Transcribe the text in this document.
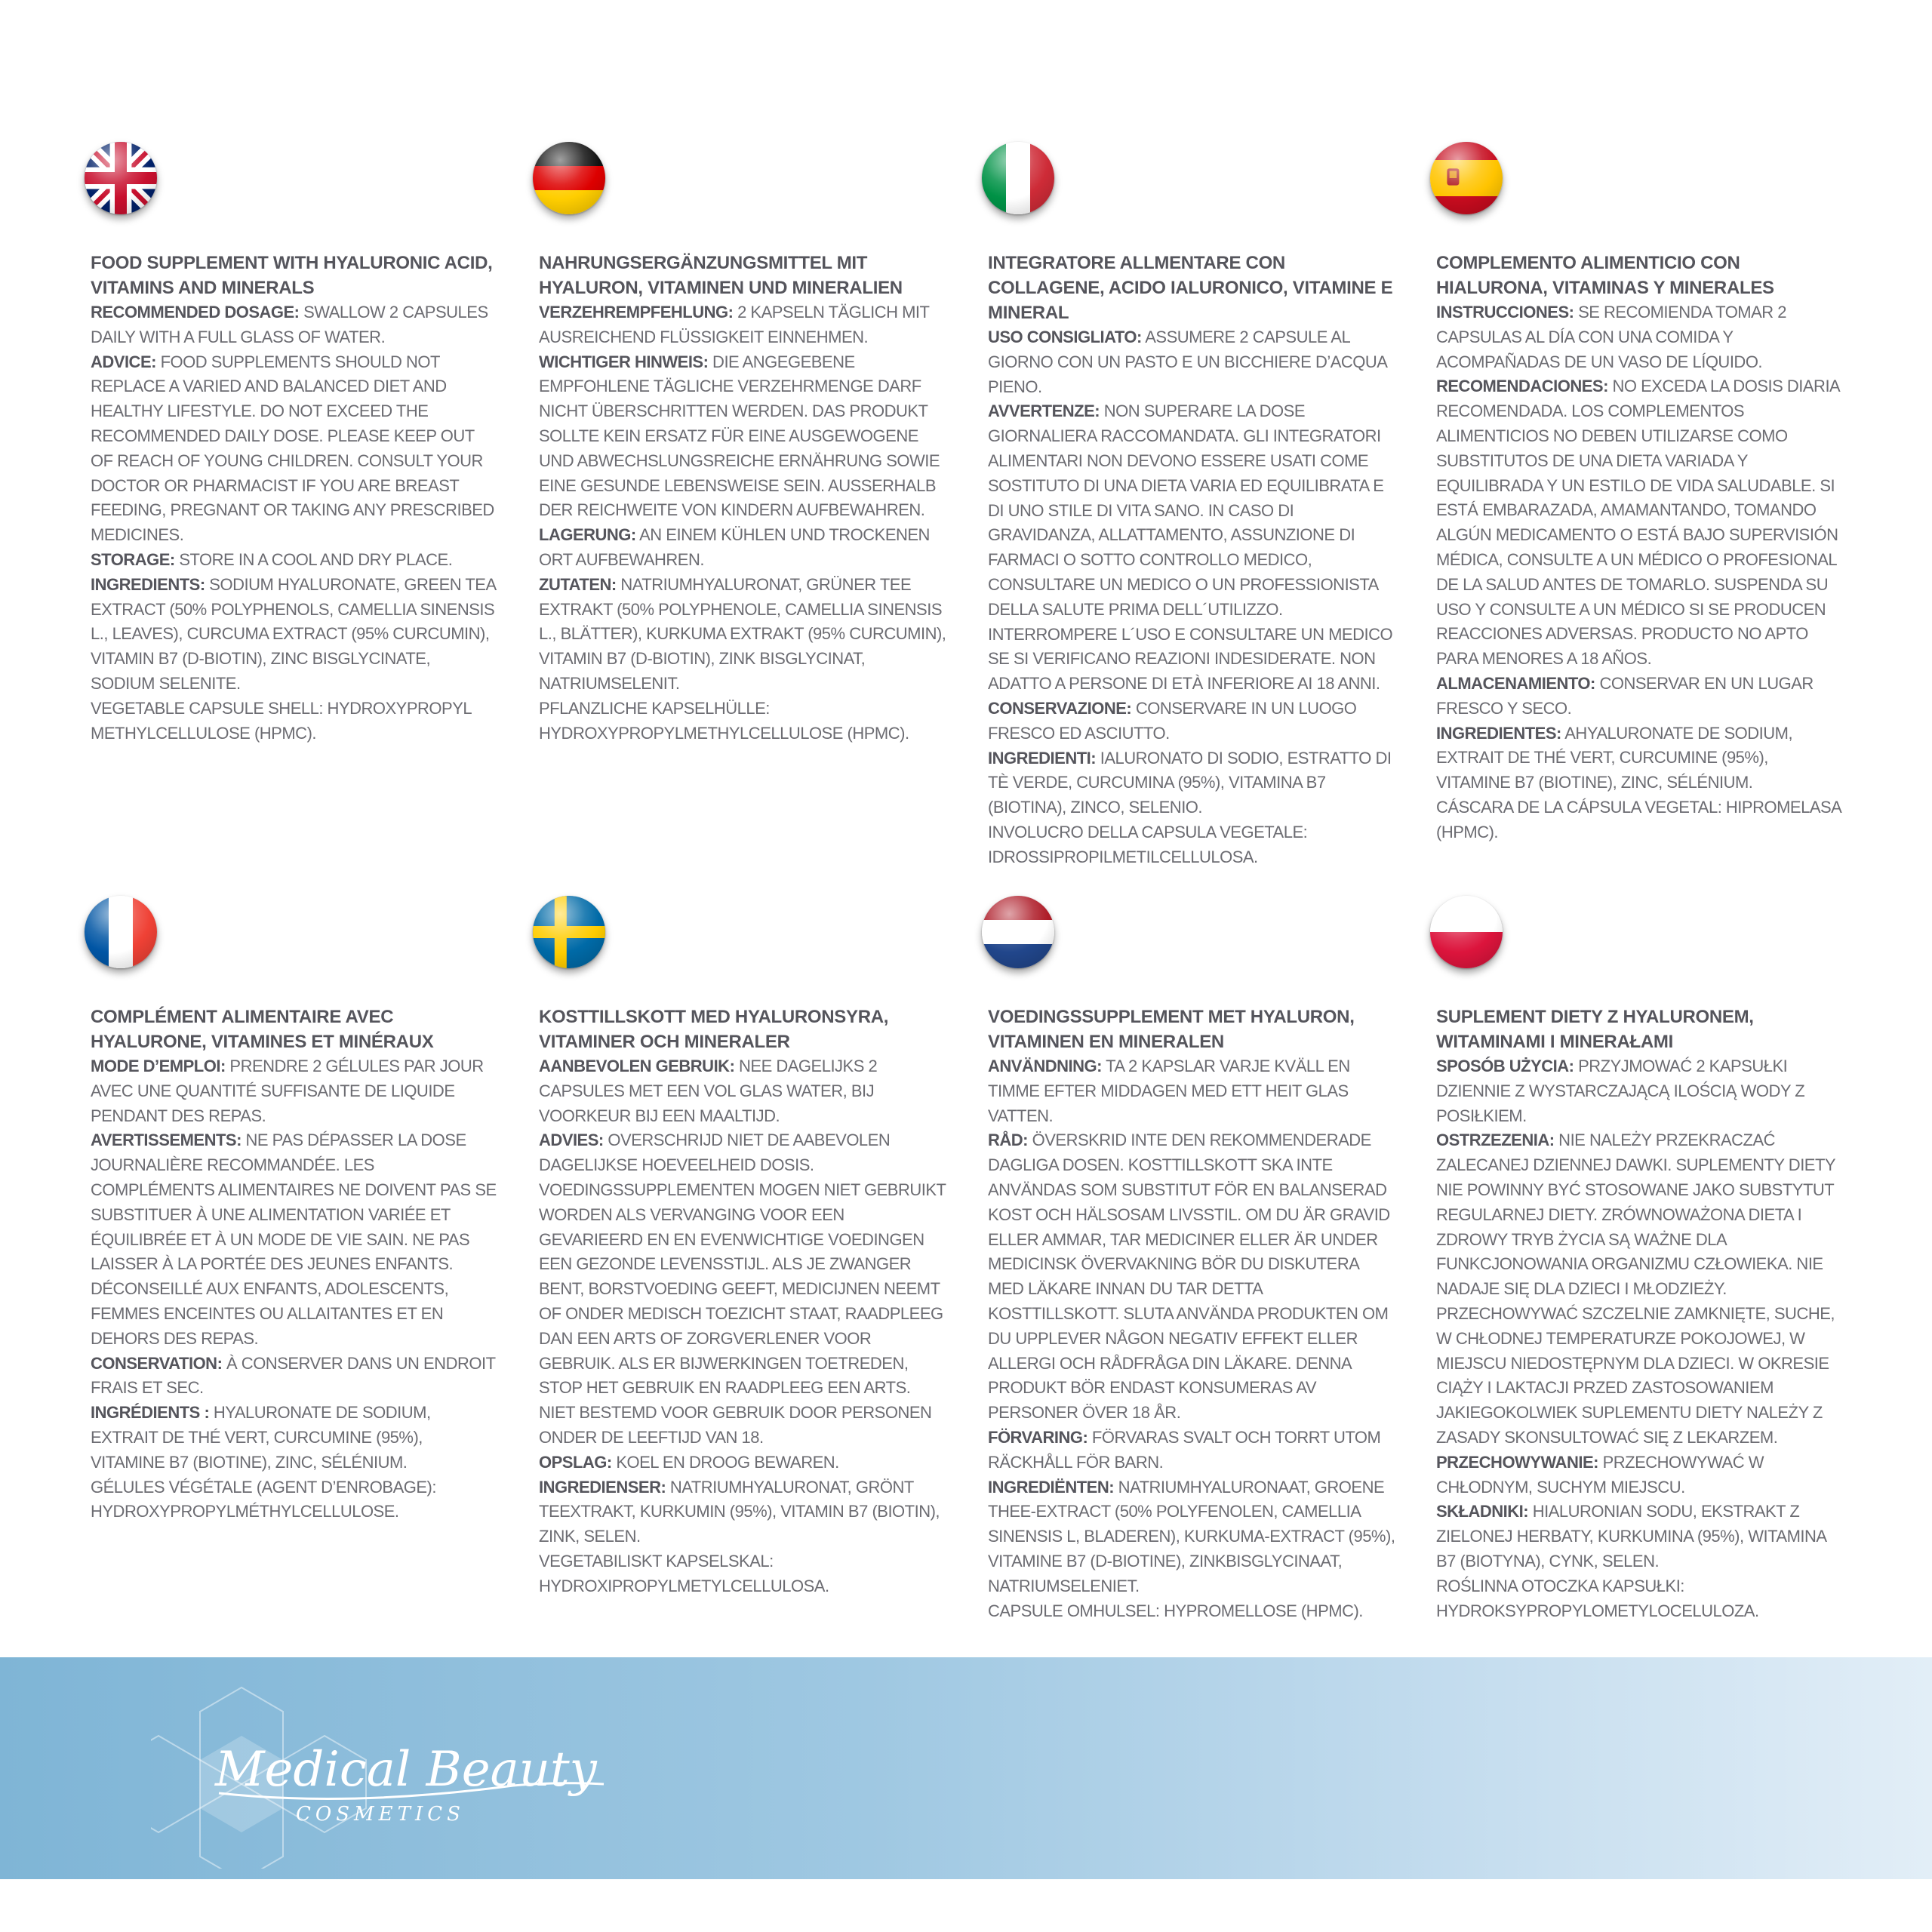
FOOD SUPPLEMENT WITH HYALURONIC ACID, VITAMINS AND MINERALS

RECOMMENDED DOSAGE: SWALLOW 2 CAPSULES DAILY WITH A FULL GLASS OF WATER.

ADVICE: FOOD SUPPLEMENTS SHOULD NOT REPLACE A VARIED AND BALANCED DIET AND HEALTHY LIFESTYLE. DO NOT EXCEED THE RECOMMENDED DAILY DOSE. PLEASE KEEP OUT OF REACH OF YOUNG CHILDREN. CONSULT YOUR DOCTOR OR PHARMACIST IF YOU ARE BREAST FEEDING, PREGNANT OR TAKING ANY PRESCRIBED MEDICINES.

STORAGE: STORE IN A COOL AND DRY PLACE.

INGREDIENTS: SODIUM HYALURONATE, GREEN TEA EXTRACT (50% POLYPHENOLS, CAMELLIA SINENSIS L., LEAVES), CURCUMA EXTRACT (95% CURCUMIN), VITAMIN B7 (D-BIOTIN), ZINC BISGLYCINATE, SODIUM SELENITE.

VEGETABLE CAPSULE SHELL: HYDROXYPROPYL METHYLCELLULOSE (HPMC).

NAHRUNGSERGÄNZUNGSMITTEL MIT HYALURON, VITAMINEN UND MINERALIEN

VERZEHREMPFEHLUNG: 2 KAPSELN TÄGLICH MIT AUSREICHEND FLÜSSIGKEIT EINNEHMEN.

WICHTIGER HINWEIS: DIE ANGEGEBENE EMPFOHLENE TÄGLICHE VERZEHRMENGE DARF NICHT ÜBERSCHRITTEN WERDEN. DAS PRODUKT SOLLTE KEIN ERSATZ FÜR EINE AUSGEWOGENE UND ABWECHSLUNGSREICHE ERNÄHRUNG SOWIE EINE GESUNDE LEBENSWEISE SEIN. AUSSERHALB DER REICHWEITE VON KINDERN AUFBEWAHREN.

LAGERUNG: AN EINEM KÜHLEN UND TROCKENEN ORT AUFBEWAHREN.

ZUTATEN: NATRIUMHYALURONAT, GRÜNER TEE EXTRAKT (50% POLYPHENOLE, CAMELLIA SINENSIS L., BLÄTTER), KURKUMA EXTRAKT (95% CURCUMIN), VITAMIN B7 (D-BIOTIN), ZINK BISGLYCINAT, NATRIUMSELENIT.

PFLANZLICHE KAPSELHÜLLE: HYDROXYPROPYLMETHYLCELLULOSE (HPMC).

INTEGRATORE ALLMENTARE CON COLLAGENE, ACIDO IALURONICO, VITAMINE E MINERAL

USO CONSIGLIATO: ASSUMERE 2 CAPSULE AL GIORNO CON UN PASTO E UN BICCHIERE D’ACQUA PIENO.

AVVERTENZE: NON SUPERARE LA DOSE GIORNALIERA RACCOMANDATA. GLI INTEGRATORI ALIMENTARI NON DEVONO ESSERE USATI COME SOSTITUTO DI UNA DIETA VARIA ED EQUILIBRATA E DI UNO STILE DI VITA SANO. IN CASO DI GRAVIDANZA, ALLATTAMENTO, ASSUNZIONE DI FARMACI O SOTTO CONTROLLO MEDICO, CONSULTARE UN MEDICO O UN PROFESSIONISTA DELLA SALUTE PRIMA DELL´UTILIZZO. INTERROMPERE L´USO E CONSULTARE UN MEDICO SE SI VERIFICANO REAZIONI INDESIDERATE. NON ADATTO A PERSONE DI ETÀ INFERIORE AI 18 ANNI.

CONSERVAZIONE: CONSERVARE IN UN LUOGO FRESCO ED ASCIUTTO.

INGREDIENTI: IALURONATO DI SODIO, ESTRATTO DI TÈ VERDE, CURCUMINA (95%), VITAMINA B7 (BIOTINA), ZINCO, SELENIO.

INVOLUCRO DELLA CAPSULA VEGETALE: IDROSSIPROPILMETILCELLULOSA.

COMPLEMENTO ALIMENTICIO CON HIALURONA, VITAMINAS Y MINERALES

INSTRUCCIONES: SE RECOMIENDA TOMAR 2 CAPSULAS AL DÍA CON UNA COMIDA Y ACOMPAÑADAS DE UN VASO DE LÍQUIDO.

RECOMENDACIONES: NO EXCEDA LA DOSIS DIARIA RECOMENDADA. LOS COMPLEMENTOS ALIMENTICIOS NO DEBEN UTILIZARSE COMO SUBSTITUTOS DE UNA DIETA VARIADA Y EQUILIBRADA Y UN ESTILO DE VIDA SALUDABLE. SI ESTÁ EMBARAZADA, AMAMANTANDO, TOMANDO ALGÚN MEDICAMENTO O ESTÁ BAJO SUPERVISIÓN MÉDICA, CONSULTE A UN MÉDICO O PROFESIONAL DE LA SALUD ANTES DE TOMARLO. SUSPENDA SU USO Y CONSULTE A UN MÉDICO SI SE PRODUCEN REACCIONES ADVERSAS. PRODUCTO NO APTO PARA MENORES A 18 AÑOS.

ALMACENAMIENTO: CONSERVAR EN UN LUGAR FRESCO Y SECO.

INGREDIENTES: AHYALURONATE DE SODIUM, EXTRAIT DE THÉ VERT, CURCUMINE (95%), VITAMINE B7 (BIOTINE), ZINC, SÉLÉNIUM.

CÁSCARA DE LA CÁPSULA VEGETAL: HIPROMELASA (HPMC).

COMPLÉMENT ALIMENTAIRE AVEC HYALURONE, VITAMINES ET MINÉRAUX

MODE D’EMPLOI: PRENDRE 2 GÉLULES PAR JOUR AVEC UNE QUANTITÉ SUFFISANTE DE LIQUIDE PENDANT DES REPAS.

AVERTISSEMENTS: NE PAS DÉPASSER LA DOSE JOURNALIÈRE RECOMMANDÉE. LES COMPLÉMENTS ALIMENTAIRES NE DOIVENT PAS SE SUBSTITUER À UNE ALIMENTATION VARIÉE ET ÉQUILIBRÉE ET À UN MODE DE VIE SAIN. NE PAS LAISSER À LA PORTÉE DES JEUNES ENFANTS. DÉCONSEILLÉ AUX ENFANTS, ADOLESCENTS, FEMMES ENCEINTES OU ALLAITANTES ET EN DEHORS DES REPAS.

CONSERVATION: À CONSERVER DANS UN ENDROIT FRAIS ET SEC.

INGRÉDIENTS : HYALURONATE DE SODIUM, EXTRAIT DE THÉ VERT, CURCUMINE (95%), VITAMINE B7 (BIOTINE), ZINC, SÉLÉNIUM.

GÉLULES VÉGÉTALE (AGENT D’ENROBAGE): HYDROXYPROPYLMÉTHYLCELLULOSE.

KOSTTILLSKOTT MED HYALURONSYRA, VITAMINER OCH MINERALER

AANBEVOLEN GEBRUIK: NEE DAGELIJKS 2 CAPSULES MET EEN VOL GLAS WATER, BIJ VOORKEUR BIJ EEN MAALTIJD.

ADVIES: OVERSCHRIJD NIET DE AABEVOLEN DAGELIJKSE HOEVEELHEID DOSIS. VOEDINGSSUPPLEMENTEN MOGEN NIET GEBRUIKT WORDEN ALS VERVANGING VOOR EEN GEVARIEERD EN EN EVENWICHTIGE VOEDINGEN EEN GEZONDE LEVENSSTIJL. ALS JE ZWANGER BENT, BORSTVOEDING GEEFT, MEDICIJNEN NEEMT OF ONDER MEDISCH TOEZICHT STAAT, RAADPLEEG DAN EEN ARTS OF ZORGVERLENER VOOR GEBRUIK. ALS ER BIJWERKINGEN TOETREDEN, STOP HET GEBRUIK EN RAADPLEEG EEN ARTS. NIET BESTEMD VOOR GEBRUIK DOOR PERSONEN ONDER DE LEEFTIJD VAN 18.

OPSLAG: KOEL EN DROOG BEWAREN.

INGREDIENSER: NATRIUMHYALURONAT, GRÖNT TEEXTRAKT, KURKUMIN (95%), VITAMIN B7 (BIOTIN), ZINK, SELEN.

VEGETABILISKT KAPSELSKAL: HYDROXIPROPYLMETYLCELLULOSA.

VOEDINGSSUPPLEMENT MET HYALURON, VITAMINEN EN MINERALEN

ANVÄNDNING: TA 2 KAPSLAR VARJE KVÄLL EN TIMME EFTER MIDDAGEN MED ETT HEIT GLAS VATTEN.

RÅD: ÖVERSKRID INTE DEN REKOMMENDERADE DAGLIGA DOSEN. KOSTTILLSKOTT SKA INTE ANVÄNDAS SOM SUBSTITUT FÖR EN BALANSERAD KOST OCH HÄLSOSAM LIVSSTIL. OM DU ÄR GRAVID ELLER AMMAR, TAR MEDICINER ELLER ÄR UNDER MEDICINSK ÖVERVAKNING BÖR DU DISKUTERA MED LÄKARE INNAN DU TAR DETTA KOSTTILLSKOTT. SLUTA ANVÄNDA PRODUKTEN OM DU UPPLEVER NÅGON NEGATIV EFFEKT ELLER ALLERGI OCH RÅDFRÅGA DIN LÄKARE. DENNA PRODUKT BÖR ENDAST KONSUMERAS AV PERSONER ÖVER 18 ÅR.

FÖRVARING: FÖRVARAS SVALT OCH TORRT UTOM RÄCKHÅLL FÖR BARN.

INGREDIËNTEN: NATRIUMHYALURONAAT, GROENE THEE-EXTRACT (50% POLYFENOLEN, CAMELLIA SINENSIS L, BLADEREN), KURKUMA-EXTRACT (95%), VITAMINE B7 (D-BIOTINE), ZINKBISGLYCINAAT, NATRIUMSELENIET.

CAPSULE OMHULSEL: HYPROMELLOSE (HPMC).

SUPLEMENT DIETY Z HYALURONEM, WITAMINAMI I MINERAŁAMI

SPOSÓB UŻYCIA: PRZYJMOWAĆ 2 KAPSUŁKI DZIENNIE Z WYSTARCZAJĄCĄ ILOŚCIĄ WODY Z POSIŁKIEM.

OSTRZEZENIA: NIE NALEŻY PRZEKRACZAĆ ZALECANEJ DZIENNEJ DAWKI. SUPLEMENTY DIETY NIE POWINNY BYĆ STOSOWANE JAKO SUBSTYTUT REGULARNEJ DIETY. ZRÓWNOWAŻONA DIETA I ZDROWY TRYB ŻYCIA SĄ WAŻNE DLA FUNKCJONOWANIA ORGANIZMU CZŁOWIEKA. NIE NADAJE SIĘ DLA DZIECI I MŁODZIEŻY. PRZECHOWYWAĆ SZCZELNIE ZAMKNIĘTE, SUCHE, W CHŁODNEJ TEMPERATURZE POKOJOWEJ, W MIEJSCU NIEDOSTĘPNYM DLA DZIECI. W OKRESIE CIĄŻY I LAKTACJI PRZED ZASTOSOWANIEM JAKIEGOKOLWIEK SUPLEMENTU DIETY NALEŻY Z ZASADY SKONSULTOWAĆ SIĘ Z LEKARZEM.

PRZECHOWYWANIE: PRZECHOWYWAĆ W CHŁODNYM, SUCHYM MIEJSCU.

SKŁADNIKI: HIALURONIAN SODU, EKSTRAKT Z ZIELONEJ HERBATY, KURKUMINA (95%), WITAMINA B7 (BIOTYNA), CYNK, SELEN.

ROŚLINNA OTOCZKA KAPSUŁKI: HYDROKSYPROPYLOMETYLOCELULOZA.

Medical Beauty
COSMETICS
